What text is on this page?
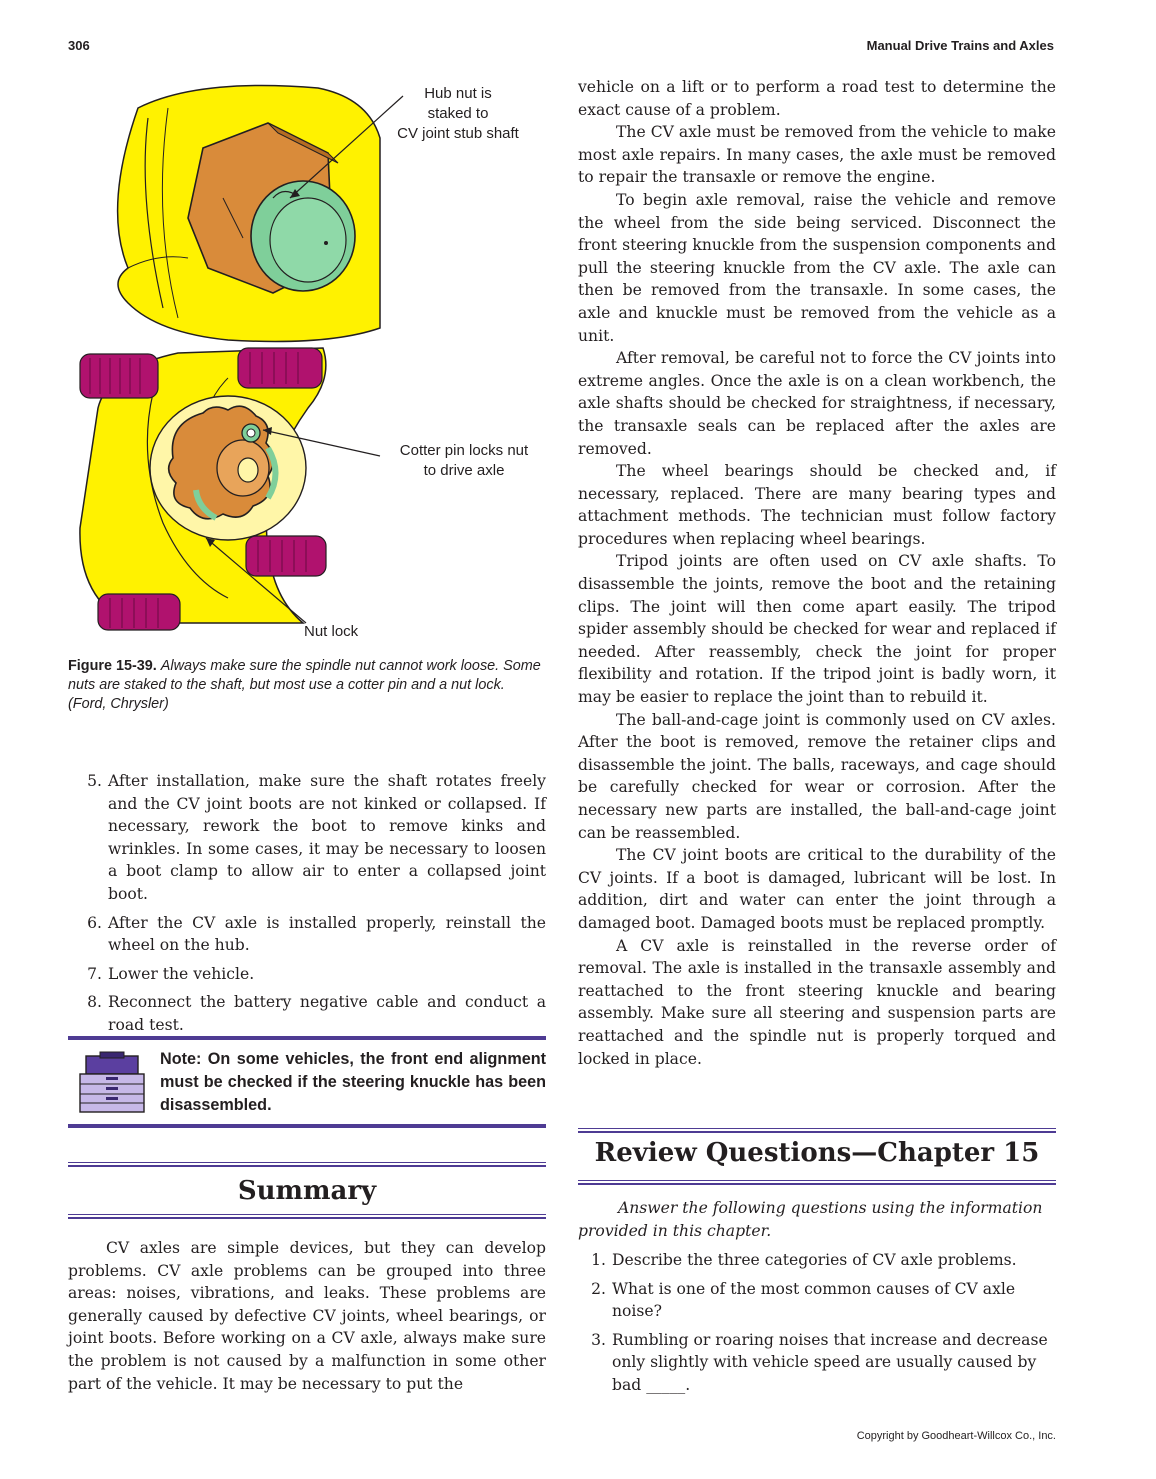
306	Manual Drive Trains and Axles
Hub nut is
staked to
CV joint stub shaft
Cotter pin locks nut
to drive axle
Nut lock
Figure 15-39. Always make sure the spindle nut cannot work loose. Some nuts are staked to the shaft, but most use a cotter pin and a nut lock. (Ford, Chrysler)
5. After installation, make sure the shaft rotates freely and the CV joint boots are not kinked or collapsed. If necessary, rework the boot to remove kinks and wrinkles. In some cases, it may be necessary to loosen a boot clamp to allow air to enter a collapsed joint boot.
6. After the CV axle is installed properly, reinstall the wheel on the hub.
7. Lower the vehicle.
8. Reconnect the battery negative cable and conduct a road test.
Note: On some vehicles, the front end alignment must be checked if the steering knuckle has been disassembled.
Summary

CV axles are simple devices, but they can develop problems. CV axle problems can be grouped into three areas: noises, vibrations, and leaks. These problems are generally caused by defective CV joints, wheel bearings, or joint boots. Before working on a CV axle, always make sure the problem is not caused by a malfunction in some other part of the vehicle. It may be necessary to put the

vehicle on a lift or to perform a road test to determine the exact cause of a problem.

The CV axle must be removed from the vehicle to make most axle repairs. In many cases, the axle must be removed to repair the transaxle or remove the engine.

To begin axle removal, raise the vehicle and remove the wheel from the side being serviced. Disconnect the front steering knuckle from the suspension components and pull the steering knuckle from the CV axle. The axle can then be removed from the transaxle. In some cases, the axle and knuckle must be removed from the vehicle as a unit.

After removal, be careful not to force the CV joints into extreme angles. Once the axle is on a clean workbench, the axle shafts should be checked for straightness, if necessary, the transaxle seals can be replaced after the axles are removed.

The wheel bearings should be checked and, if necessary, replaced. There are many bearing types and attachment methods. The technician must follow factory procedures when replacing wheel bearings.

Tripod joints are often used on CV axle shafts. To disassemble the joints, remove the boot and the retaining clips. The joint will then come apart easily. The tripod spider assembly should be checked for wear and replaced if needed. After reassembly, check the joint for proper flexibility and rotation. If the tripod joint is badly worn, it may be easier to replace the joint than to rebuild it.

The ball-and-cage joint is commonly used on CV axles. After the boot is removed, remove the retainer clips and disassemble the joint. The balls, raceways, and cage should be carefully checked for wear or corrosion. After the necessary new parts are installed, the ball-and-cage joint can be reassembled.

The CV joint boots are critical to the durability of the CV joints. If a boot is damaged, lubricant will be lost. In addition, dirt and water can enter the joint through a damaged boot. Damaged boots must be replaced promptly.

A CV axle is reinstalled in the reverse order of removal. The axle is installed in the transaxle assembly and reattached to the front steering knuckle and bearing assembly. Make sure all steering and suspension parts are reattached and the spindle nut is properly torqued and locked in place.

Review Questions—Chapter 15
Answer the following questions using the information provided in this chapter.
1. Describe the three categories of CV axle problems.
2. What is one of the most common causes of CV axle noise?
3. Rumbling or roaring noises that increase and decrease only slightly with vehicle speed are usually caused by bad _____.
Copyright by Goodheart-Willcox Co., Inc.
